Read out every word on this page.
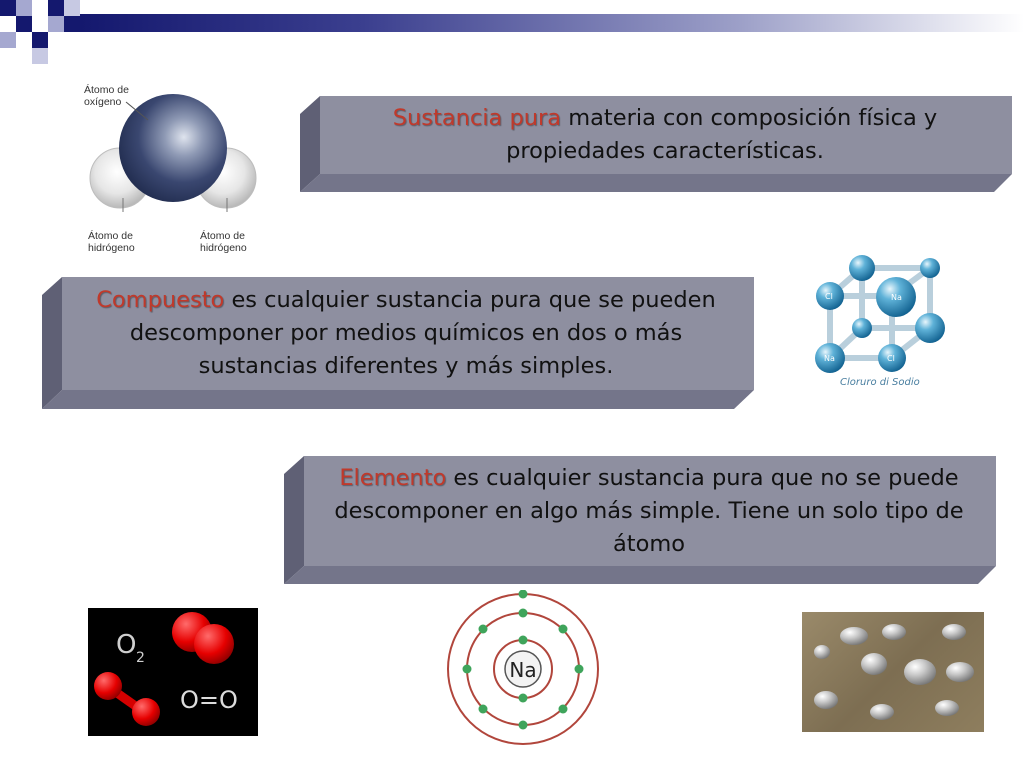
Átomo de
oxígeno
Átomo de
hidrógeno
Átomo de
hidrógeno
Sustancia pura materia con composición física y propiedades características.
Cl	Na
Na	Cl
Cloruro di Sodio
Compuesto es cualquier sustancia pura que se pueden descomponer por medios químicos en dos o más sustancias diferentes y más simples.
Elemento es cualquier sustancia pura que no se puede descomponer en algo más simple. Tiene un solo tipo de átomo
O 2
O=O
Na
